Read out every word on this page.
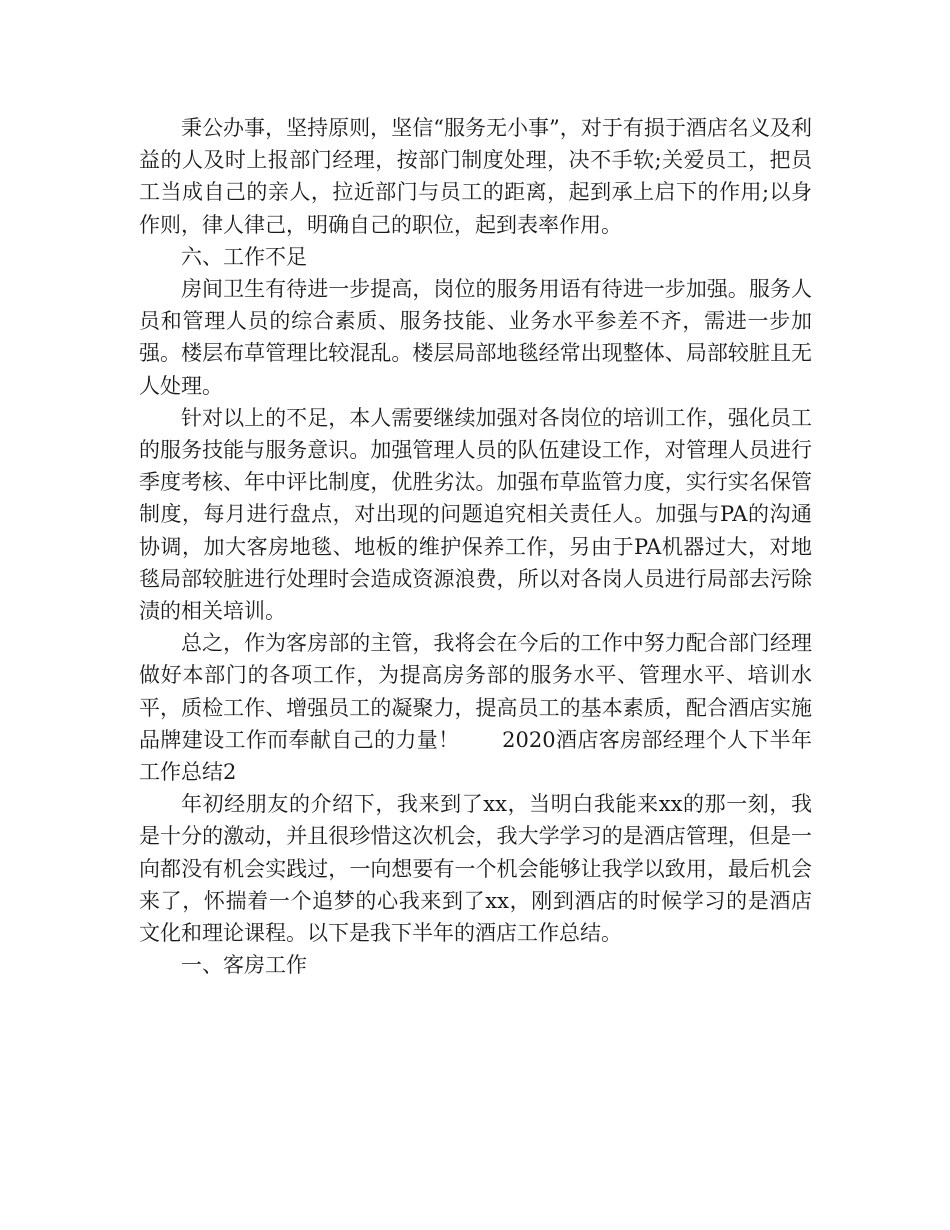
秉公办事，坚持原则，坚信“服务无小事”，对于有损于酒店名义及利益的人及时上报部门经理，按部门制度处理，决不手软;关爱员工，把员工当成自己的亲人，拉近部门与员工的距离，起到承上启下的作用;以身作则，律人律己，明确自己的职位，起到表率作用。

六、工作不足

房间卫生有待进一步提高，岗位的服务用语有待进一步加强。服务人员和管理人员的综合素质、服务技能、业务水平参差不齐，需进一步加强。楼层布草管理比较混乱。楼层局部地毯经常出现整体、局部较脏且无人处理。

针对以上的不足，本人需要继续加强对各岗位的培训工作，强化员工的服务技能与服务意识。加强管理人员的队伍建设工作，对管理人员进行季度考核、年中评比制度，优胜劣汰。加强布草监管力度，实行实名保管制度，每月进行盘点，对出现的问题追究相关责任人。加强与PA的沟通协调，加大客房地毯、地板的维护保养工作，另由于PA机器过大，对地毯局部较脏进行处理时会造成资源浪费，所以对各岗人员进行局部去污除渍的相关培训。

总之，作为客房部的主管，我将会在今后的工作中努力配合部门经理做好本部门的各项工作，为提高房务部的服务水平、管理水平、培训水平，质检工作、增强员工的凝聚力，提高员工的基本素质，配合酒店实施品牌建设工作而奉献自己的力量！　　2020酒店客房部经理个人下半年工作总结2

年初经朋友的介绍下，我来到了xx，当明白我能来xx的那一刻，我是十分的激动，并且很珍惜这次机会，我大学学习的是酒店管理，但是一向都没有机会实践过，一向想要有一个机会能够让我学以致用，最后机会来了，怀揣着一个追梦的心我来到了xx，刚到酒店的时候学习的是酒店文化和理论课程。以下是我下半年的酒店工作总结。

一、客房工作
